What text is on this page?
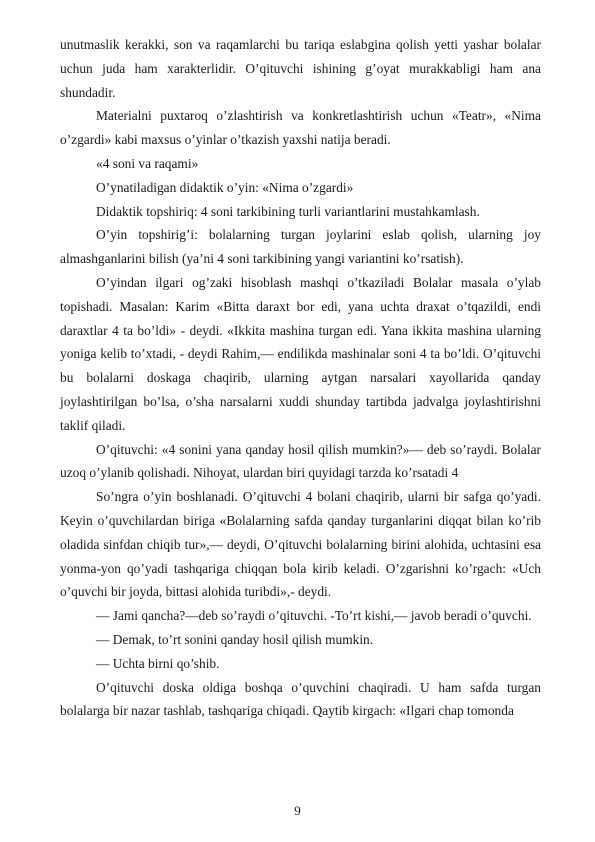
unutmaslik kerakki, son va raqamlarchi bu tariqa eslabgina qolish yetti yashar bolalar uchun juda ham xarakterlidir. O’qituvchi ishining g’oyat murakkabligi ham ana shundadir.

Materialni puxtaroq o’zlashtirish va konkretlashtirish uchun «Teatr», «Nima o’zgardi» kabi maxsus o’yinlar o’tkazish yaxshi natija beradi.

«4 soni va raqami»

O’ynatiladigan didaktik o’yin: «Nima o’zgardi»

Didaktik topshiriq: 4 soni tarkibining turli variantlarini mustahkamlash.

O’yin topshirig’i: bolalarning turgan joylarini eslab qolish, ularning joy almashganlarini bilish (ya’ni 4 soni tarkibining yangi variantini ko’rsatish).

O’yindan ilgari og’zaki hisoblash mashqi o’tkaziladi Bolalar masala o’ylab topishadi. Masalan: Karim «Bitta daraxt bor edi, yana uchta draxat o’tqazildi, endi daraxtlar 4 ta bo’ldi» - deydi. «Ikkita mashina turgan edi. Yana ikkita mashina ularning yoniga kelib to’xtadi, - deydi Rahim,— endilikda mashinalar soni 4 ta bo’ldi. O’qituvchi bu bolalarni doskaga chaqirib, ularning aytgan narsalari xayollarida qanday joylashtirilgan bo’lsa, o’sha narsalarni xuddi shunday tartibda jadvalga joylashtirishni taklif qiladi.

O’qituvchi: «4 sonini yana qanday hosil qilish mumkin?»— deb so’raydi. Bolalar uzoq o’ylanib qolishadi. Nihoyat, ulardan biri quyidagi tarzda ko’rsatadi 4

So’ngra o’yin boshlanadi. O’qituvchi 4 bolani chaqirib, ularni bir safga qo’yadi. Keyin o’quvchilardan biriga «Bolalarning safda qanday turganlarini diqqat bilan ko’rib oladida sinfdan chiqib tur»,— deydi, O’qituvchi bolalarning birini alohida, uchtasini esa yonma-yon qo’yadi tashqariga chiqqan bola kirib keladi. O’zgarishni ko’rgach: «Uch o’quvchi bir joyda, bittasi alohida turibdi»,- deydi.

— Jami qancha?—deb so’raydi o’qituvchi. -To’rt kishi,— javob beradi o’quvchi.

— Demak, to’rt sonini qanday hosil qilish mumkin.

— Uchta birni qo’shib.

O’qituvchi doska oldiga boshqa o’quvchini chaqiradi. U ham safda turgan bolalarga bir nazar tashlab, tashqariga chiqadi. Qaytib kirgach: «Ilgari chap tomonda

9
